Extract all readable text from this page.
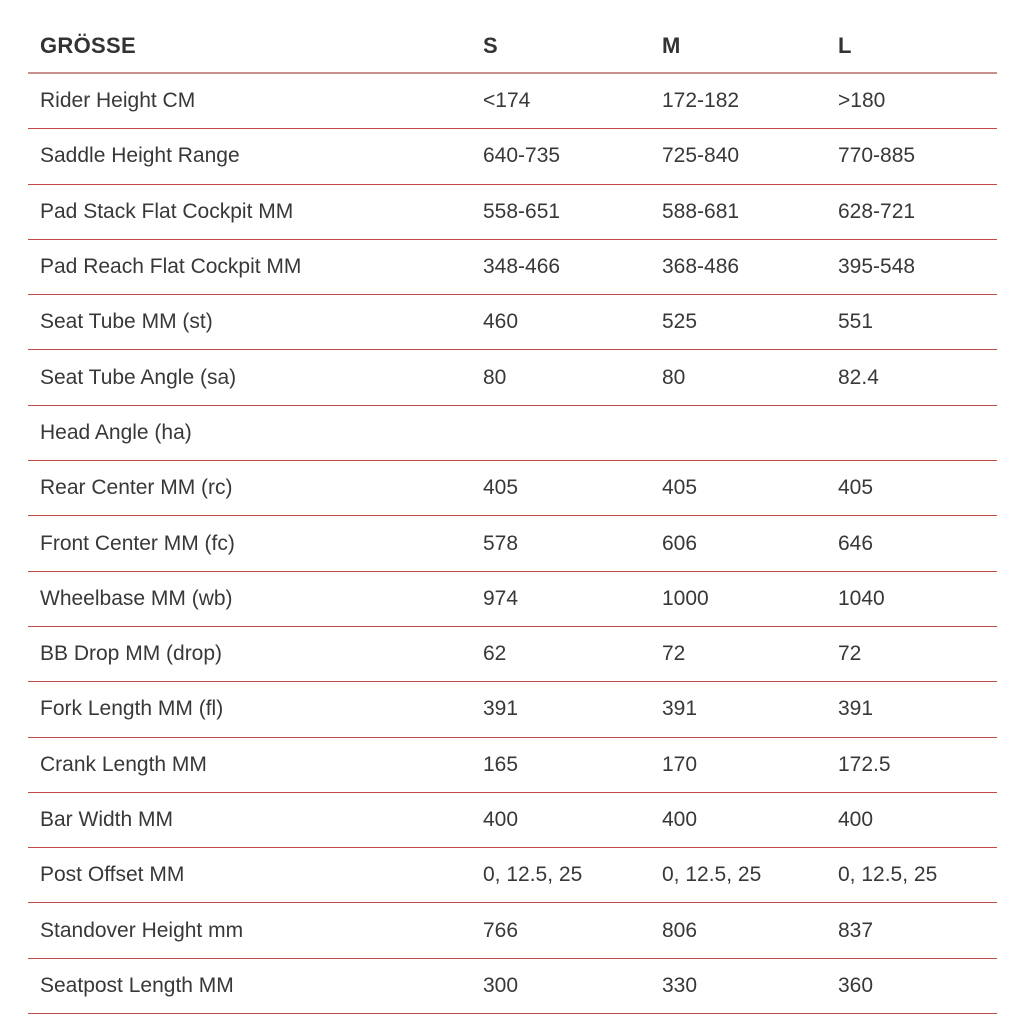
GRÖSSE	S	M	L
Rider Height CM	<174	172-182	>180
Saddle Height Range	640-735	725-840	770-885
Pad Stack Flat Cockpit MM	558-651	588-681	628-721
Pad Reach Flat Cockpit MM	348-466	368-486	395-548
Seat Tube MM (st)	460	525	551
Seat Tube Angle (sa)	80	80	82.4
Head Angle (ha)
Rear Center MM (rc)	405	405	405
Front Center MM (fc)	578	606	646
Wheelbase MM (wb)	974	1000	1040
BB Drop MM (drop)	62	72	72
Fork Length MM (fl)	391	391	391
Crank Length MM	165	170	172.5
Bar Width MM	400	400	400
Post Offset MM	0, 12.5, 25	0, 12.5, 25	0, 12.5, 25
Standover Height mm	766	806	837
Seatpost Length MM	300	330	360
